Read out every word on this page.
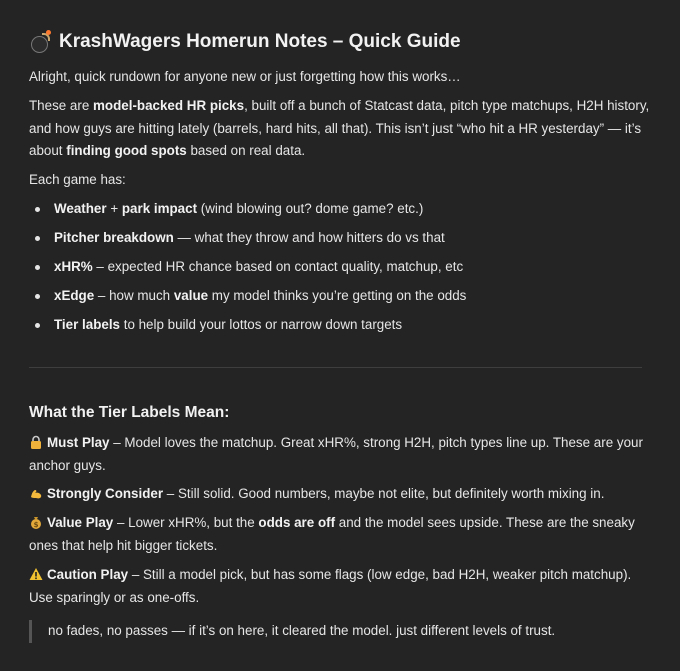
KrashWagers Homerun Notes – Quick Guide

Alright, quick rundown for anyone new or just forgetting how this works…

These are model-backed HR picks, built off a bunch of Statcast data, pitch type matchups, H2H history, and how guys are hitting lately (barrels, hard hits, all that). This isn’t just “who hit a HR yesterday” — it’s about finding good spots based on real data.

Each game has:

Weather + park impact (wind blowing out? dome game? etc.)
Pitcher breakdown — what they throw and how hitters do vs that
xHR% – expected HR chance based on contact quality, matchup, etc
xEdge – how much value my model thinks you’re getting on the odds
Tier labels to help build your lottos or narrow down targets
What the Tier Labels Mean:

Must Play – Model loves the matchup. Great xHR%, strong H2H, pitch types line up. These are your anchor guys.

Strongly Consider – Still solid. Good numbers, maybe not elite, but definitely worth mixing in.

$ Value Play – Lower xHR%, but the odds are off and the model sees upside. These are the sneaky ones that help hit bigger tickets.

Caution Play – Still a model pick, but has some flags (low edge, bad H2H, weaker pitch matchup). Use sparingly or as one-offs.

no fades, no passes — if it’s on here, it cleared the model. just different levels of trust.
